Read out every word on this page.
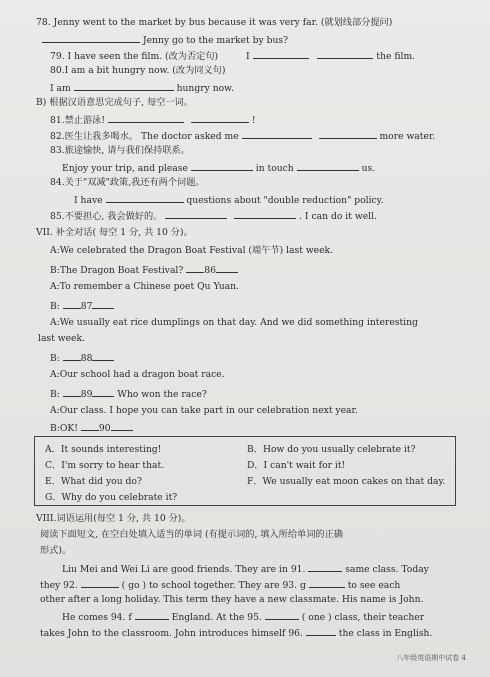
78. Jenny went to the market by bus because it was very far. (就划线部分提问)
Jenny go to the market by bus?
79. I have seen the film. (改为否定句)	I	the film.
80.I am a bit hungry now. (改为同义句)
I am	hungry now.
B) 根据汉语意思完成句子, 每空一词。
81.禁止游泳!	!
82.医生让我多喝水。 The doctor asked me	more water.
83.旅途愉快, 请与我们保持联系。
Enjoy your trip, and please	in touch	us.
84.关于"双减"政策,我还有两个问题。
I have	questions about "double reduction" policy.
85.不要担心, 我会做好的。	. I can do it well.
VII. 补全对话( 每空 1 分, 共 10 分)。
A:We celebrated the Dragon Boat Festival (端午节) last week.
B:The Dragon Boat Festival? 86
A:To remember a Chinese poet Qu Yuan.
B: 87
A:We usually eat rice dumplings on that day. And we did something interesting
last week.
B: 88
A:Our school had a dragon boat race.
B: 89	Who won the race?
A:Our class. I hope you can take part in our celebration next year.
B:OK! 90
A．It sounds interesting!	B．How do you usually celebrate it?
C．I'm sorry to hear that.	D．I can't wait for it!
E．What did you do?	F．We usually eat moon cakes on that day.
G．Why do you celebrate it?
VIII.词语运用(每空 1 分, 共 10 分)。
阅读下面短文, 在空白处填入适当的单词 (有提示词的, 填入所给单词的正确
形式)。
Liu Mei and Wei Li are good friends. They are in 91.	same class. Today
they 92.	( go ) to school together. They are 93. g	to see each
other after a long holiday. This term they have a new classmate. His name is John.
He comes 94. f	England. At the 95.	( one ) class, their teacher
takes John to the classroom. John introduces himself 96.	the class in English.
八年级英语期中试卷 4
